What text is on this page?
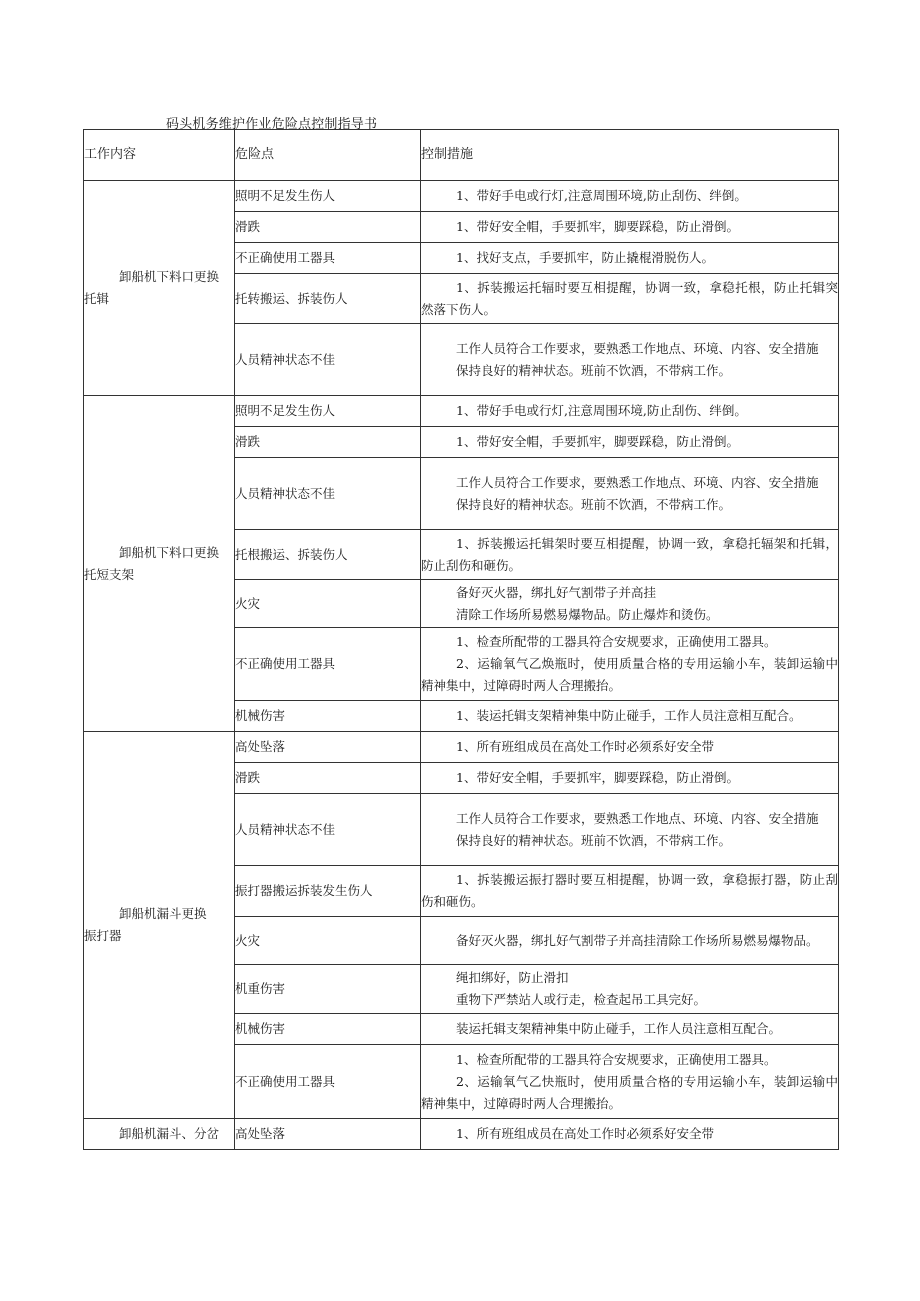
码头机务维护作业危险点控制指导书
工作内容	危险点	控制措施

卸船机下料口更换
托辑	照明不足发生伤人	1、带好手电或行灯,注意周围环境,防止刮伤、绊倒。

	滑跌	1、带好安全帽，手要抓牢，脚要踩稳，防止滑倒。

	不正确使用工器具	1、找好支点，手要抓牢，防止撬棍滑脱伤人。

	托转搬运、拆装伤人	1、拆装搬运托辐时要互相提醒，协调一致，拿稳托根，防止托辑突然落下伤人。

	人员精神状态不佳	工作人员符合工作要求，要熟悉工作地点、环境、内容、安全措施

保持良好的精神状态。班前不饮酒，不带病工作。

卸船机下料口更换
托短支架	照明不足发生伤人	1、带好手电或行灯,注意周围环境,防止刮伤、绊倒。

	滑跌	1、带好安全帽，手要抓牢，脚要踩稳，防止滑倒。

	人员精神状态不佳	工作人员符合工作要求，要熟悉工作地点、环境、内容、安全措施

保持良好的精神状态。班前不饮酒，不带病工作。

	托根搬运、拆装伤人	1、拆装搬运托辑架时要互相提醒，协调一致，拿稳托辐架和托辑，防止刮伤和砸伤。

	火灾	备好灭火器，绑扎好气割带子并高挂

清除工作场所易燃易爆物品。防止爆炸和烫伤。

	不正确使用工器具	1、检查所配带的工器具符合安规要求，正确使用工器具。

2、运输氧气乙焕瓶时，使用质量合格的专用运输小车，装卸运输中精神集中，过障碍时两人合理搬抬。

	机械伤害	1、装运托辑支架精神集中防止碰手，工作人员注意相互配合。

卸船机漏斗更换
振打器	高处坠落	1、所有班组成员在高处工作时必须系好安全带

	滑跌	1、带好安全帽，手要抓牢，脚要踩稳，防止滑倒。

	人员精神状态不佳	工作人员符合工作要求，要熟悉工作地点、环境、内容、安全措施

保持良好的精神状态。班前不饮酒，不带病工作。

	振打器搬运拆装发生伤人	1、拆装搬运振打器时要互相提醒，协调一致，拿稳振打器，防止刮伤和砸伤。

	火灾	备好灭火器，绑扎好气割带子并高挂清除工作场所易燃易爆物品。

	机重伤害	绳扣绑好，防止滑扣

重物下严禁站人或行走，检查起吊工具完好。

	机械伤害	装运托辑支架精神集中防止碰手，工作人员注意相互配合。

	不正确使用工器具	1、检查所配带的工器具符合安规要求，正确使用工器具。

2、运输氧气乙快瓶时，使用质量合格的专用运输小车，装卸运输中精神集中，过障碍时两人合理搬抬。

卸船机漏斗、分岔	高处坠落	1、所有班组成员在高处工作时必须系好安全带
